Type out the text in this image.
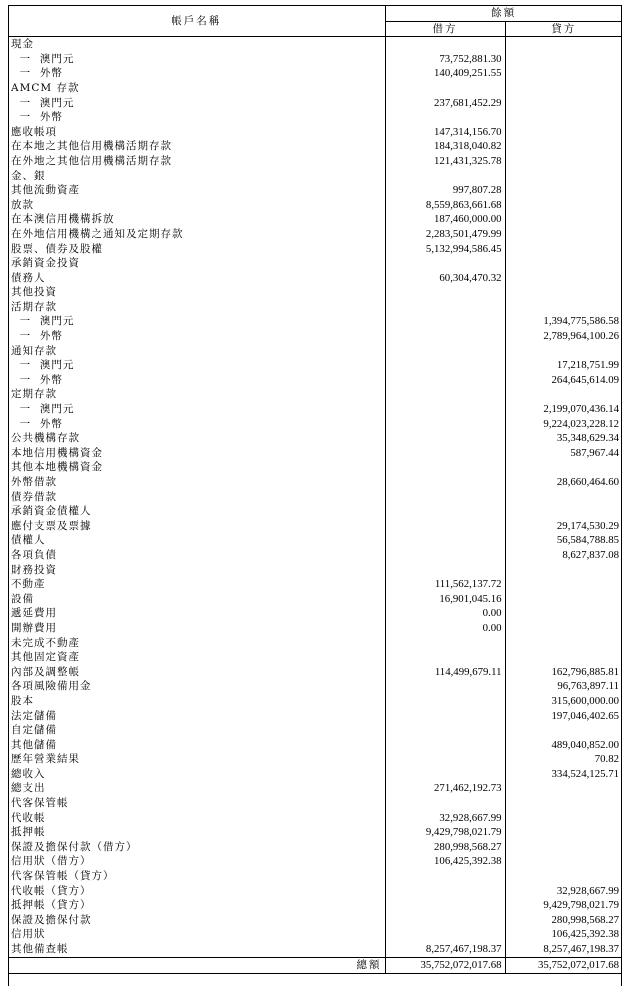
帳戶名稱	餘額	
	借方	貸方
現金		
一  澳門元	73,752,881.30	
一  外幣	140,409,251.55	
AMCM 存款		
一  澳門元	237,681,452.29	
一  外幣		
應收帳項	147,314,156.70	
在本地之其他信用機構活期存款	184,318,040.82	
在外地之其他信用機構活期存款	121,431,325.78	
金、銀		
其他流動資產	997,807.28	
放款	8,559,863,661.68	
在本澳信用機構拆放	187,460,000.00	
在外地信用機構之通知及定期存款	2,283,501,479.99	
股票、債券及股權	5,132,994,586.45	
承銷資金投資		
債務人	60,304,470.32	
其他投資		
活期存款		
一  澳門元		1,394,775,586.58
一  外幣		2,789,964,100.26
通知存款		
一  澳門元		17,218,751.99
一  外幣		264,645,614.09
定期存款		
一  澳門元		2,199,070,436.14
一  外幣		9,224,023,228.12
公共機構存款		35,348,629.34
本地信用機構資金		587,967.44
其他本地機構資金		
外幣借款		28,660,464.60
債券借款		
承銷資金債權人		
應付支票及票據		29,174,530.29
債權人		56,584,788.85
各項負債		8,627,837.08
財務投資		
不動產	111,562,137.72	
設備	16,901,045.16	
遞延費用	0.00	
開辦費用	0.00	
未完成不動產		
其他固定資產		
內部及調整帳	114,499,679.11	162,796,885.81
各項風險備用金		96,763,897.11
股本		315,600,000.00
法定儲備		197,046,402.65
自定儲備		
其他儲備		489,040,852.00
歷年營業結果		70.82
總收入		334,524,125.71
總支出	271,462,192.73	
代客保管帳		
代收帳	32,928,667.99	
抵押帳	9,429,798,021.79	
保證及擔保付款（借方）	280,998,568.27	
信用狀（借方）	106,425,392.38	
代客保管帳（貸方）		
代收帳（貸方）		32,928,667.99
抵押帳（貸方）		9,429,798,021.79
保證及擔保付款		280,998,568.27
信用狀		106,425,392.38
其他備查帳	8,257,467,198.37	8,257,467,198.37
總額	35,752,072,017.68	35,752,072,017.68
